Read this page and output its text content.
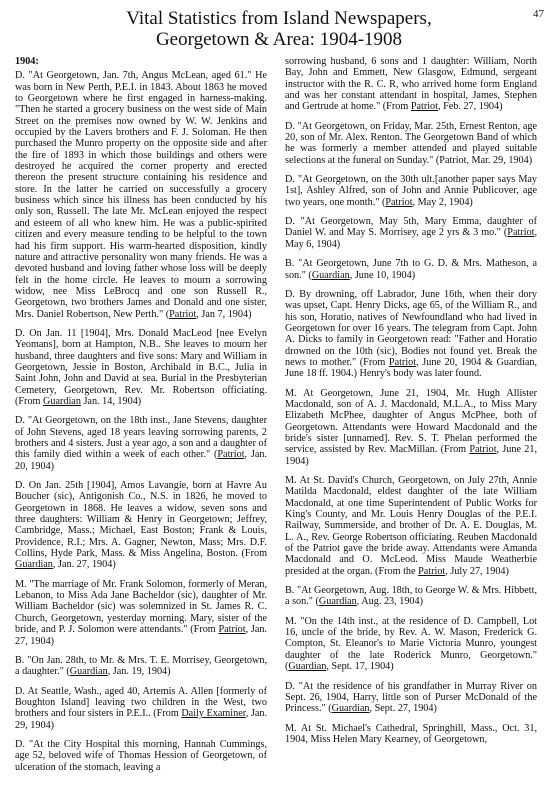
47
Vital Statistics from Island Newspapers,
Georgetown & Area: 1904-1908
1904:

D. "At Georgetown, Jan. 7th, Angus McLean, aged 61." He was born in New Perth, P.E.I. in 1843. About 1863 he moved to Georgetown where he first engaged in harness-making. "Then he started a grocery business on the west side of Main Street on the premises now owned by W. W. Jenkins and occupied by the Lavers brothers and F. J. Soloman. He then purchased the Munro property on the opposite side and after the fire of 1893 in which those buildings and others were destroyed he acquired the corner property and erected thereon the present structure containing his residence and store. In the latter he carried on successfully a grocery business which since his illness has been conducted by his only son, Russell. The late Mr. McLean enjoyed the respect and esteem of all who knew him. He was a public-spirited citizen and every measure tending to be helpful to the town had his firm support. His warm-hearted disposition, kindly nature and attractive personality won many friends. He was a devoted husband and loving father whose loss will be deeply felt in the home circle. He leaves to mourn a sorrowing widow, nee Miss LeBrocq and one son Russell R., Georgetown, two brothers James and Donald and one sister, Mrs. Daniel Robertson, New Perth." (Patriot, Jan 7, 1904)

D. On Jan. 11 [1904], Mrs. Donald MacLeod [nee Evelyn Yeomans], born at Hampton, N.B.. She leaves to mourn her husband, three daughters and five sons: Mary and William in Georgetown, Jessie in Boston, Archibald in B.C., Julia in Saint John, John and David at sea. Burial in the Presbyterian Cemetery, Georgetown, Rev. Mr. Robertson officiating. (From Guardian Jan. 14, 1904)

D. "At Georgetown, on the 18th inst., Jane Stevens, daughter of John Stevens, aged 18 years leaving sorrowing parents, 2 brothers and 4 sisters. Just a year ago, a son and a daughter of this family died within a week of each other." (Patriot, Jan. 20, 1904)

D. On Jan. 25th [1904], Amos Lavangie, born at Havre Au Boucher (sic), Antigonish Co., N.S. in 1826, he moved to Georgetown in 1868. He leaves a widow, seven sons and three daughters: William & Henry in Georgetown; Jeffrey, Cambridge, Mass.; Michael, East Boston; Frank & Louis, Providence, R.I.; Mrs. A. Gagner, Newton, Mass; Mrs. D.F. Collins, Hyde Park, Mass. & Miss Angelina, Boston. (From Guardian, Jan. 27, 1904)

M. "The marriage of Mr. Frank Solomon, formerly of Meran, Lebanon, to Miss Ada Jane Bacheldor (sic), daughter of Mr. William Bacheldor (sic) was solemnized in St. James R. C. Church, Georgetown, yesterday morning. Mary, sister of the bride, and P. J. Solomon were attendants." (From Patriot, Jan. 27, 1904)

B. "On Jan. 28th, to Mr. & Mrs. T. E. Morrisey, Georgetown, a daughter." (Guardian, Jan. 19, 1904)

D. At Seattle, Wash., aged 40, Artemis A. Allen [formerly of Boughton Island] leaving two children in the West, two brothers and four sisters in P.E.I.. (From Daily Examiner, Jan. 29, 1904)

D. "At the City Hospital this morning, Hannah Cummings, age 52, beloved wife of Thomas Hession of Georgetown, of ulceration of the stomach, leaving a

sorrowing husband, 6 sons and 1 daughter: William, North Bay, John and Emmett, New Glasgow, Edmund, sergeant instructor with the R. C. R, who arrived home form England and was her constant attendant in hospital, James, Stephen and Gertrude at home." (From Patriot, Feb. 27, 1904)

D. "At Georgetown, on Friday, Mar. 25th, Ernest Renton, age 20, son of Mr. Alex. Renton. The Georgetown Band of which he was formerly a member attended and played suitable selections at the funeral on Sunday." (Patriot, Mar. 29, 1904)

D. "At Georgetown, on the 30th ult.[another paper says May 1st], Ashley Alfred, son of John and Annie Publicover, age two years, one month." (Patriot, May 2, 1904)

D. "At Georgetown, May 5th, Mary Emma, daughter of Daniel W. and May S. Morrisey, age 2 yrs & 3 mo." (Patriot, May 6, 1904)

B. "At Georgetown, June 7th to G. D. & Mrs. Matheson, a son." (Guardian, June 10, 1904)

D. By drowning, off Labrador, June 16th, when their dory was upset, Capt. Henry Dicks, age 65, of the William R., and his son, Horatio, natives of Newfoundland who had lived in Georgetown for over 16 years. The telegram from Capt. John A. Dicks to family in Georgetown read: "Father and Horatio drowned on the 10th (sic), Bodies not found yet. Break the news to mother." (From Patriot, June 20, 1904 & Guardian, June 18 ff. 1904.) Henry's body was later found.

M. At Georgetown, June 21, 1904, Mr. Hugh Allister Macdonald, son of A. J. Macdonald, M.L.A., to Miss Mary Elizabeth McPhee, daughter of Angus McPhee, both of Georgetown. Attendants were Howard Macdonald and the bride's sister [unnamed]. Rev. S. T. Phelan performed the service, assisted by Rev. MacMillan. (From Patriot, June 21, 1904)

M. At St. David's Church, Georgetown, on July 27th, Annie Matilda Macdonald, eldest daughter of the late William Macdonald, at one time Superintendent of Public Works for King's County, and Mr. Louis Henry Douglas of the P.E.I. Railway, Summerside, and brother of Dr. A. E. Douglas, M. L. A., Rev. George Robertson officiating. Reuben Macdonald of the Patriot gave the bride away. Attendants were Amanda Macdonald and O. McLeod. Miss Maude Weatherbie presided at the organ. (From the Patriot, July 27, 1904)

B. "At Georgetown, Aug. 18th, to George W. & Mrs. Hibbett, a son." (Guardian, Aug. 23, 1904)

M. "On the 14th inst., at the residence of D. Campbell, Lot 16, uncle of the bride, by Rev. A. W. Mason, Frederick G. Compton, St. Eleanor's to Marie Victoria Munro, youngest daughter of the late Roderick Munro, Georgetown." (Guardian, Sept. 17, 1904)

D. "At the residence of his grandfather in Murray River on Sept. 26, 1904, Harry, little son of Purser McDonald of the Princess." (Guardian, Sept. 27, 1904)

M. At St. Michael's Cathedral, Springhill, Mass., Oct. 31, 1904, Miss Helen Mary Kearney, of Georgetown,
